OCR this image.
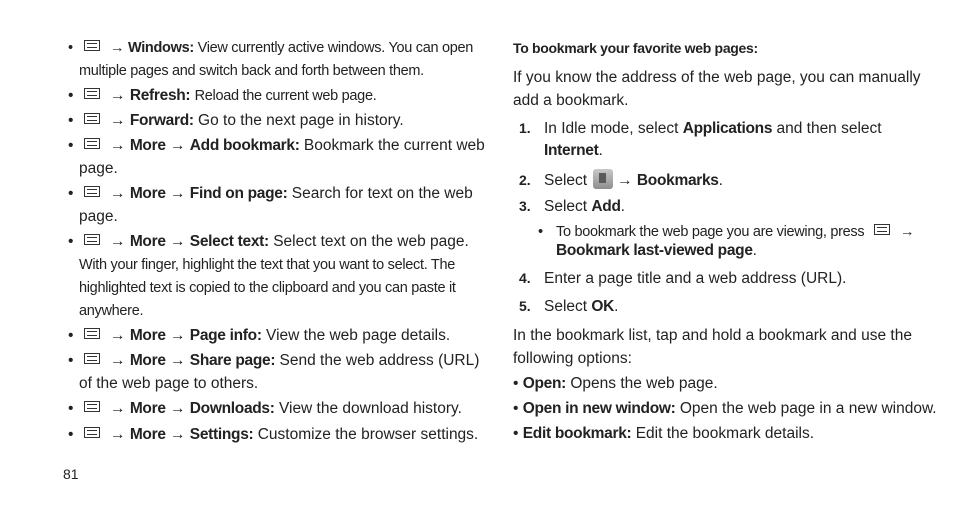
•	→ Windows: View currently active windows. You can open
multiple pages and switch back and forth between them.
• → Refresh: Reload the current web page.
• → Forward: Go to the next page in history.
• → More → Add bookmark: Bookmark the current web
page.
• → More → Find on page: Search for text on the web
page.
• → More → Select text: Select text on the web page.
With your finger, highlight the text that you want to select. The
highlighted text is copied to the clipboard and you can paste it
anywhere.
• → More → Page info: View the web page details.
• → More → Share page: Send the web address (URL)
of the web page to others.
• → More → Downloads: View the download history.
• → More → Settings: Customize the browser settings.
To bookmark your favorite web pages:
If you know the address of the web page, you can manually
add a bookmark.
1. In Idle mode, select Applications and then select
Internet.
2. Select → Bookmarks.
3. Select Add.
• To bookmark the web page you are viewing, press →
Bookmark last-viewed page.
4. Enter a page title and a web address (URL).
5. Select OK.
In the bookmark list, tap and hold a bookmark and use the
following options:
• Open: Opens the web page.
• Open in new window: Open the web page in a new window.
• Edit bookmark: Edit the bookmark details.
81
